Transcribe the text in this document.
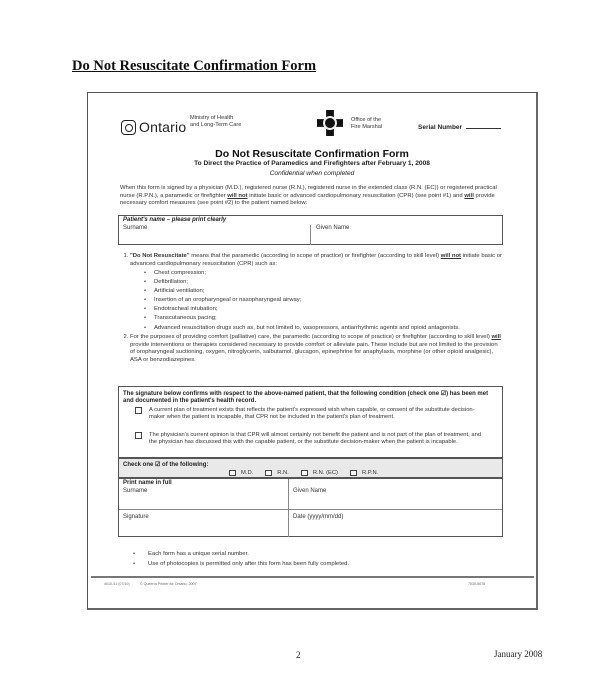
Do Not Resuscitate Confirmation Form
Ontario
Ministry of Health
and Long-Term Care
Office of the
Fire Marshal	Serial Number
Do Not Resuscitate Confirmation Form
To Direct the Practice of Paramedics and Firefighters after February 1, 2008
Confidential when completed
When this form is signed by a physician (M.D.), registered nurse (R.N.), registered nurse in the extended class (R.N. (EC)) or registered practical nurse (R.P.N.), a paramedic or firefighter will not initiate basic or advanced cardiopulmonary resuscitation (CPR) (see point #1) and will provide necessary comfort measures (see point #2) to the patient named below:
Patient's name – please print clearly
Surname	Given Name
1. "Do Not Resuscitate" means that the paramedic (according to scope of practice) or firefighter (according to skill level) will not initiate basic or advanced cardiopulmonary resuscitation (CPR) such as:
• Chest compression;
• Defibrillation;
• Artificial ventilation;
• Insertion of an oropharyngeal or nasopharyngeal airway;
• Endotracheal intubation;
• Transcutaneous pacing;
• Advanced resuscitation drugs such as, but not limited to, vasopressors, antiarrhythmic agents and opioid antagonists.
2. For the purposes of providing comfort (palliative) care, the paramedic (according to scope of practice) or firefighter (according to skill level) will provide interventions or therapies considered necessary to provide comfort or alleviate pain. These include but are not limited to the provision of oropharyngeal suctioning, oxygen, nitroglycerin, salbutamol, glucagon, epinephrine for anaphylaxis, morphine (or other opioid analgesic), ASA or benzodiazepines.
The signature below confirms with respect to the above-named patient, that the following condition (check one ☑) has been met and documented in the patient's health record.
A current plan of treatment exists that reflects the patient's expressed wish when capable, or consent of the substitute decision-maker when the patient is incapable, that CPR not be included in the patient's plan of treatment.
The physician's current opinion is that CPR will almost certainly not benefit the patient and is not part of the plan of treatment, and the physician has discussed this with the capable patient, or the substitute decision-maker when the patient is incapable.
Check one ☑ of the following:
M.D.	R.N.	R.N. (EC)	R.P.N.
Print name in full
Surname	Given Name
Signature	Date (yyyy/mm/dd)
• Each form has a unique serial number.
• Use of photocopies is permitted only after this form has been fully completed.
4010-41 (07/10)	© Queen's Printer for Ontario, 2007	7530-5678
2	January 2008
